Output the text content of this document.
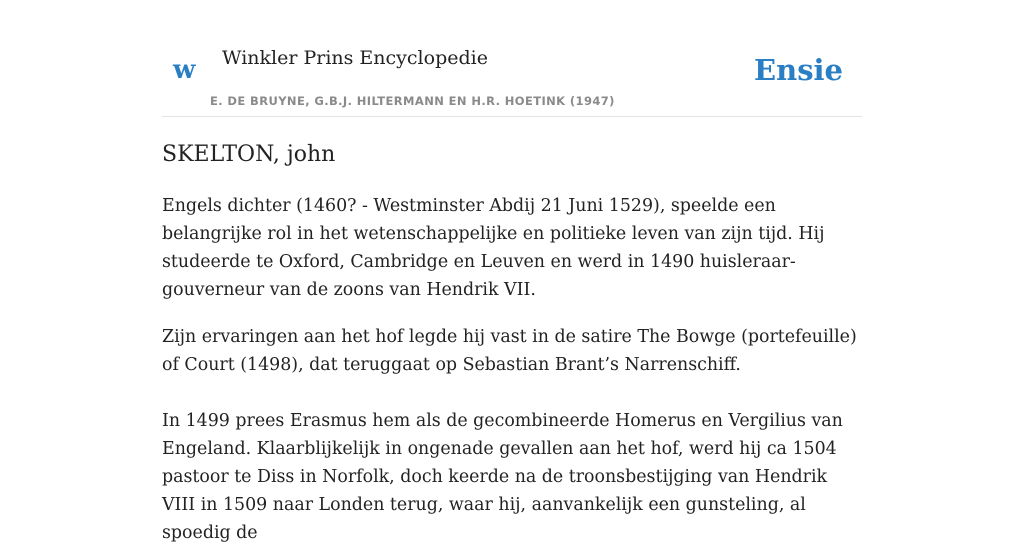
w Winkler Prins Encyclopedie
E. DE BRUYNE, G.B.J. HILTERMANN EN H.R. HOETINK (1947)
Ensie
SKELTON, john

Engels dichter (1460? - Westminster Abdij 21 Juni 1529), speelde een belangrijke rol in het wetenschappelijke en politieke leven van zijn tijd. Hij studeerde te Oxford, Cambridge en Leuven en werd in 1490 huisleraar-gouverneur van de zoons van Hendrik VII.

Zijn ervaringen aan het hof legde hij vast in de satire The Bowge (portefeuille) of Court (1498), dat teruggaat op Sebastian Brant’s Narrenschiff.

In 1499 prees Erasmus hem als de gecombineerde Homerus en Vergilius van Engeland. Klaarblijkelijk in ongenade gevallen aan het hof, werd hij ca 1504 pastoor te Diss in Norfolk, doch keerde na de troonsbestijging van Hendrik VIII in 1509 naar Londen terug, waar hij, aanvankelijk een gunsteling, al spoedig de
